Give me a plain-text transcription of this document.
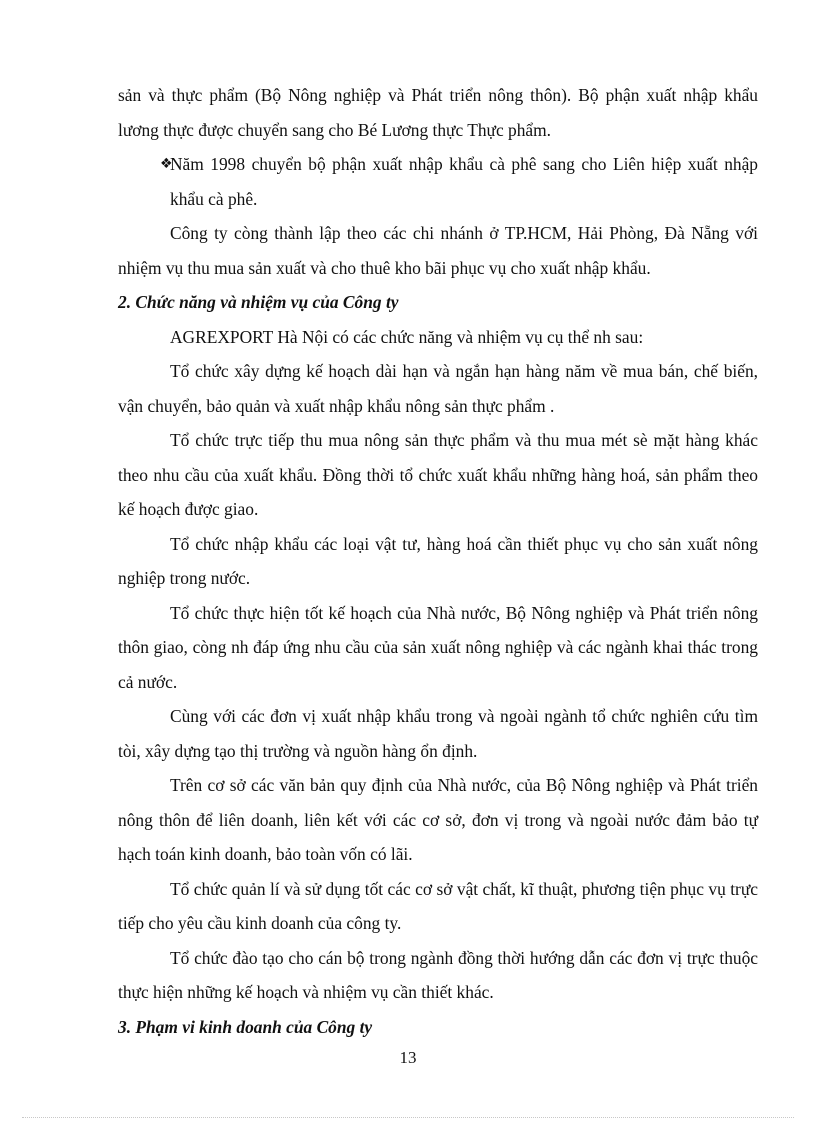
sản và thực phẩm (Bộ Nông nghiệp và Phát triển nông thôn). Bộ phận xuất nhập khẩu lương thực được chuyển sang cho Bé Lương thực Thực phẩm.

❖
Năm 1998 chuyển bộ phận xuất nhập khẩu cà phê sang cho Liên hiệp xuất nhập khẩu cà phê.

Công ty còng thành lập theo các chi nhánh ở TP.HCM, Hải Phòng, Đà Nẵng với nhiệm vụ thu mua sản xuất và cho thuê kho bãi phục vụ cho xuất nhập khẩu.

2. Chức năng và nhiệm vụ của Công ty

AGREXPORT Hà Nội có các chức năng và nhiệm vụ cụ thể nh sau:

Tổ chức xây dựng kế hoạch dài hạn và ngắn hạn hàng năm về mua bán, chế biến, vận chuyển, bảo quản và xuất nhập khẩu nông sản thực phẩm .

Tổ chức trực tiếp thu mua nông sản thực phẩm và thu mua mét sè mặt hàng khác theo nhu cầu của xuất khẩu. Đồng thời tổ chức xuất khẩu những hàng hoá, sản phẩm theo kế hoạch được giao.

Tổ chức nhập khẩu các loại vật tư, hàng hoá cần thiết phục vụ cho sản xuất nông nghiệp trong nước.

Tổ chức thực hiện tốt kế hoạch của Nhà nước, Bộ Nông nghiệp và Phát triển nông thôn giao, còng nh đáp ứng nhu cầu của sản xuất nông nghiệp và các ngành khai thác trong cả nước.

Cùng với các đơn vị xuất nhập khẩu trong và ngoài ngành tổ chức nghiên cứu tìm tòi, xây dựng tạo thị trường và nguồn hàng ổn định.

Trên cơ sở các văn bản quy định của Nhà nước, của Bộ Nông nghiệp và Phát triển nông thôn để liên doanh, liên kết với các cơ sở, đơn vị trong và ngoài nước đảm bảo tự hạch toán kinh doanh, bảo toàn vốn có lãi.

Tổ chức quản lí và sử dụng tốt các cơ sở vật chất, kĩ thuật, phương tiện phục vụ trực tiếp cho yêu cầu kinh doanh của công ty.

Tổ chức đào tạo cho cán bộ trong ngành đồng thời hướng dẫn các đơn vị trực thuộc thực hiện những kế hoạch và nhiệm vụ cần thiết khác.

3. Phạm vi kinh doanh của Công ty

13
